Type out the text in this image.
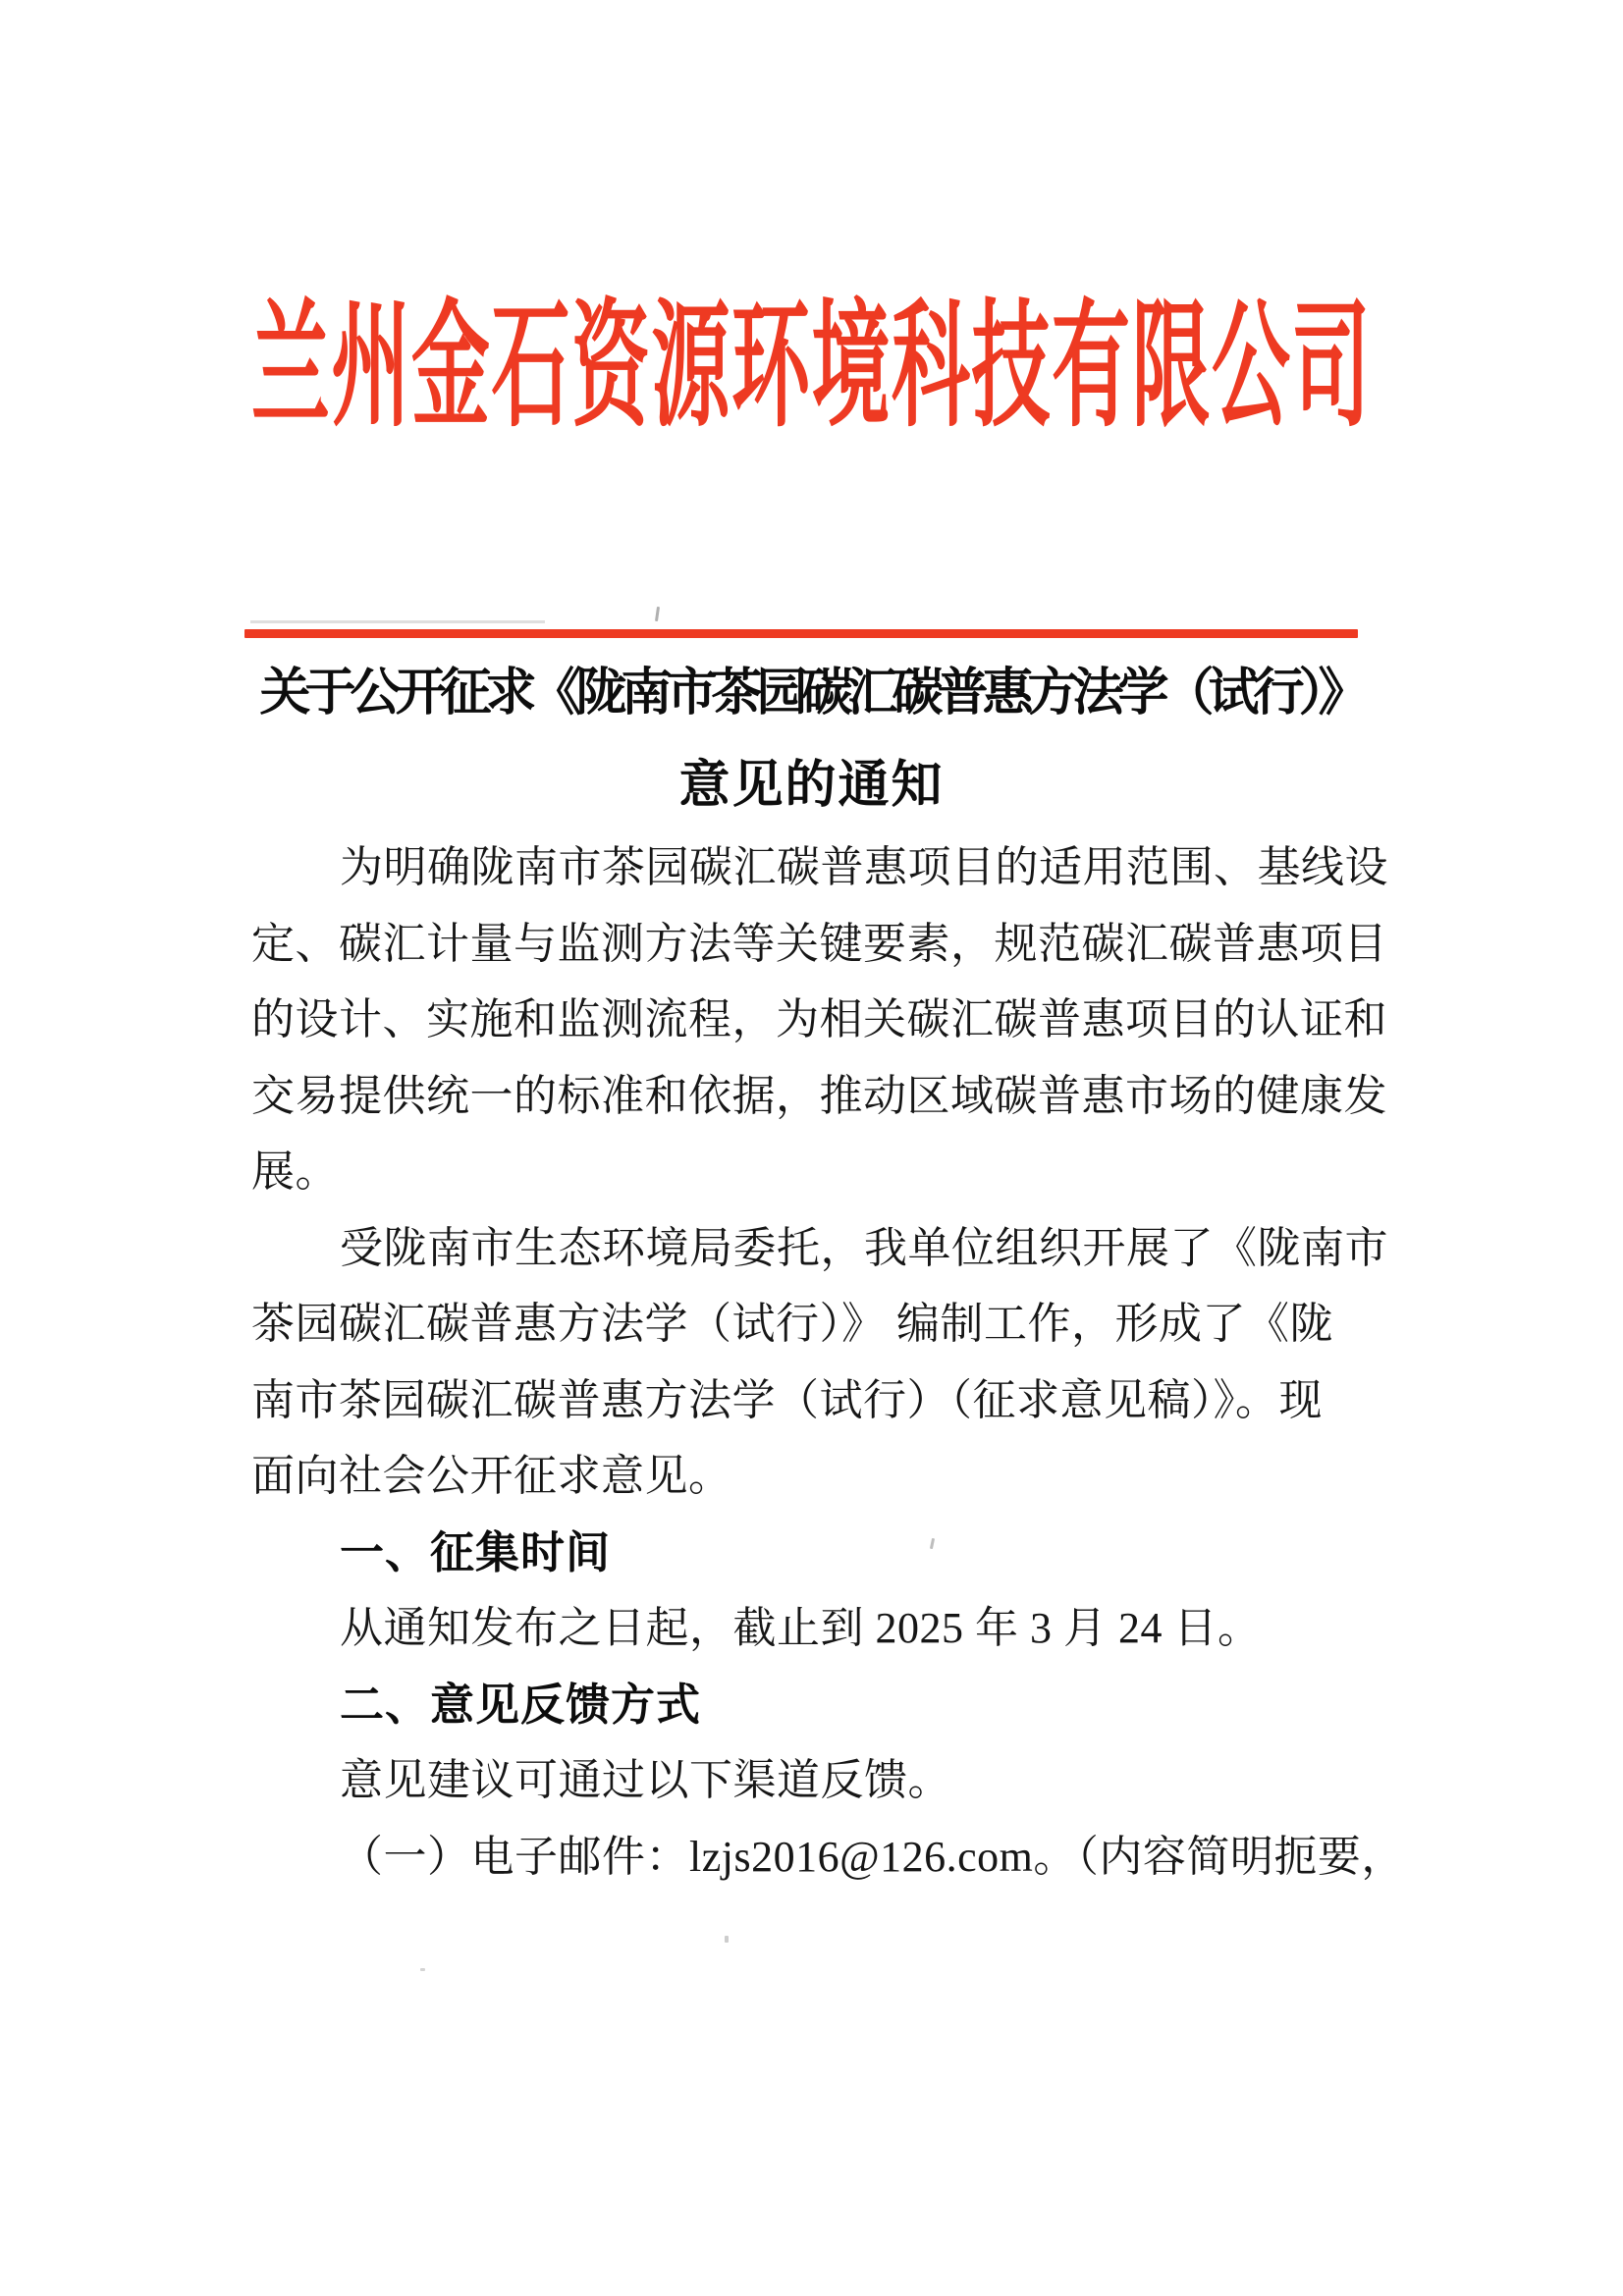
兰州金石资源环境科技有限公司
关于公开征求《陇南市茶园碳汇碳普惠方法学（试行）》
意见的通知
为明确陇南市茶园碳汇碳普惠项目的适用范围、基线设
定、碳汇计量与监测方法等关键要素，规范碳汇碳普惠项目
的设计、实施和监测流程，为相关碳汇碳普惠项目的认证和
交易提供统一的标准和依据，推动区域碳普惠市场的健康发
展。
受陇南市生态环境局委托，我单位组织开展了《陇南市
茶园碳汇碳普惠方法学（试行）》 编制工作，形成了《陇
南市茶园碳汇碳普惠方法学（试行）（征求意见稿）》。现
面向社会公开征求意见。
一、征集时间
从通知发布之日起，截止到 2025 年 3 月 24 日。
二、意见反馈方式
意见建议可通过以下渠道反馈。
（一）电子邮件：lzjs2016@126.com。（内容简明扼要，
